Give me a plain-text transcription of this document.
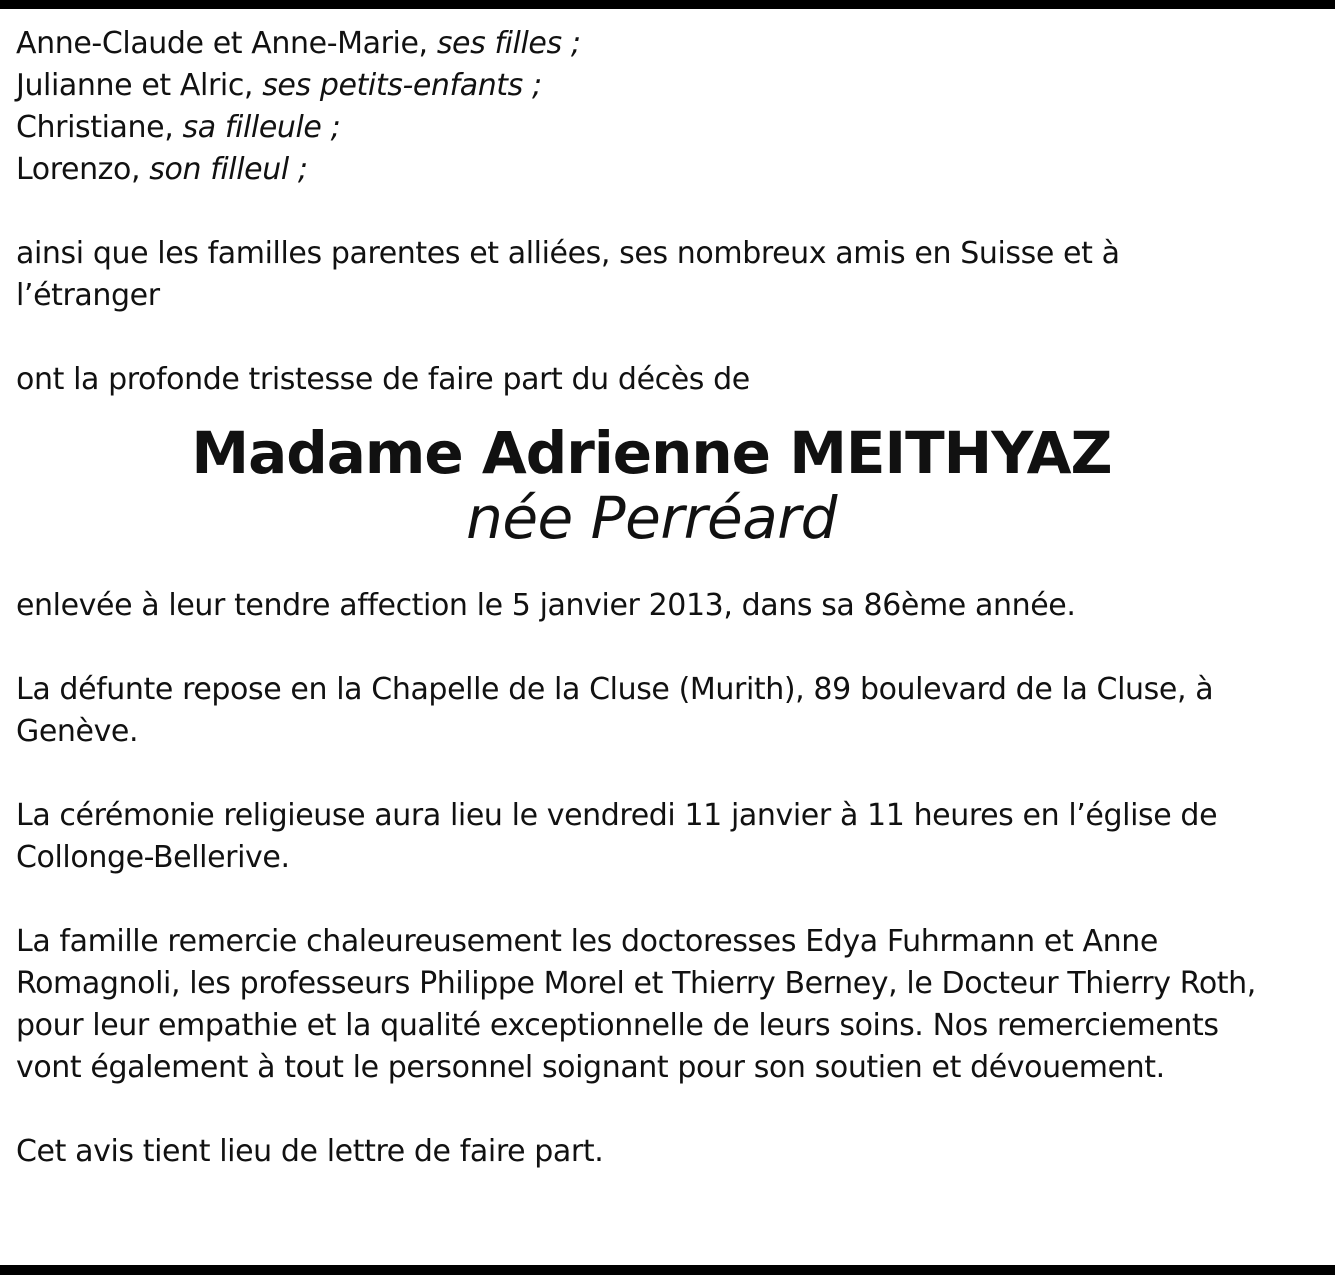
Anne-Claude et Anne-Marie, ses filles ;
Julianne et Alric, ses petits-enfants ;
Christiane, sa filleule ;
Lorenzo, son filleul ;
ainsi que les familles parentes et alliées, ses nombreux amis en Suisse et à
l’étranger
ont la profonde tristesse de faire part du décès de
Madame Adrienne MEITHYAZ
née Perréard
enlevée à leur tendre affection le 5 janvier 2013, dans sa 86ème année.
La défunte repose en la Chapelle de la Cluse (Murith), 89 boulevard de la Cluse, à
Genève.
La cérémonie religieuse aura lieu le vendredi 11 janvier à 11 heures en l’église de
Collonge-Bellerive.
La famille remercie chaleureusement les doctoresses Edya Fuhrmann et Anne
Romagnoli, les professeurs Philippe Morel et Thierry Berney, le Docteur Thierry Roth,
pour leur empathie et la qualité exceptionnelle de leurs soins. Nos remerciements
vont également à tout le personnel soignant pour son soutien et dévouement.
Cet avis tient lieu de lettre de faire part.
